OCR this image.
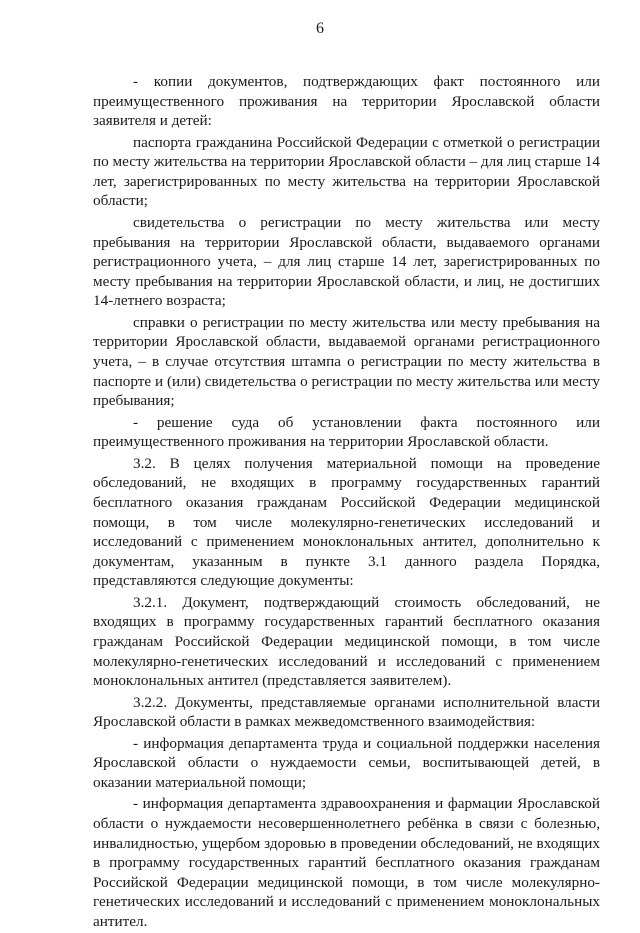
6

- копии документов, подтверждающих факт постоянного или преимущественного проживания на территории Ярославской области заявителя и детей:

паспорта гражданина Российской Федерации с отметкой о регистрации по месту жительства на территории Ярославской области – для лиц старше 14 лет, зарегистрированных по месту жительства на территории Ярославской области;

свидетельства о регистрации по месту жительства или месту пребывания на территории Ярославской области, выдаваемого органами регистрационного учета, – для лиц старше 14 лет, зарегистрированных по месту пребывания на территории Ярославской области, и лиц, не достигших 14-летнего возраста;

справки о регистрации по месту жительства или месту пребывания на территории Ярославской области, выдаваемой органами регистрационного учета, – в случае отсутствия штампа о регистрации по месту жительства в паспорте и (или) свидетельства о регистрации по месту жительства или месту пребывания;

- решение суда об установлении факта постоянного или преимущественного проживания на территории Ярославской области.

3.2. В целях получения материальной помощи на проведение обследований, не входящих в программу государственных гарантий бесплатного оказания гражданам Российской Федерации медицинской помощи, в том числе молекулярно-генетических исследований и исследований с применением моноклональных антител, дополнительно к документам, указанным в пункте 3.1 данного раздела Порядка, представляются следующие документы:

3.2.1. Документ, подтверждающий стоимость обследований, не входящих в программу государственных гарантий бесплатного оказания гражданам Российской Федерации медицинской помощи, в том числе молекулярно-генетических исследований и исследований с применением моноклональных антител (представляется заявителем).

3.2.2. Документы, представляемые органами исполнительной власти Ярославской области в рамках межведомственного взаимодействия:

- информация департамента труда и социальной поддержки населения Ярославской области о нуждаемости семьи, воспитывающей детей, в оказании материальной помощи;

- информация департамента здравоохранения и фармации Ярославской области о нуждаемости несовершеннолетнего ребёнка в связи с болезнью, инвалидностью, ущербом здоровью в проведении обследований, не входящих в программу государственных гарантий бесплатного оказания гражданам Российской Федерации медицинской помощи, в том числе молекулярно-генетических исследований и исследований с применением моноклональных антител.
